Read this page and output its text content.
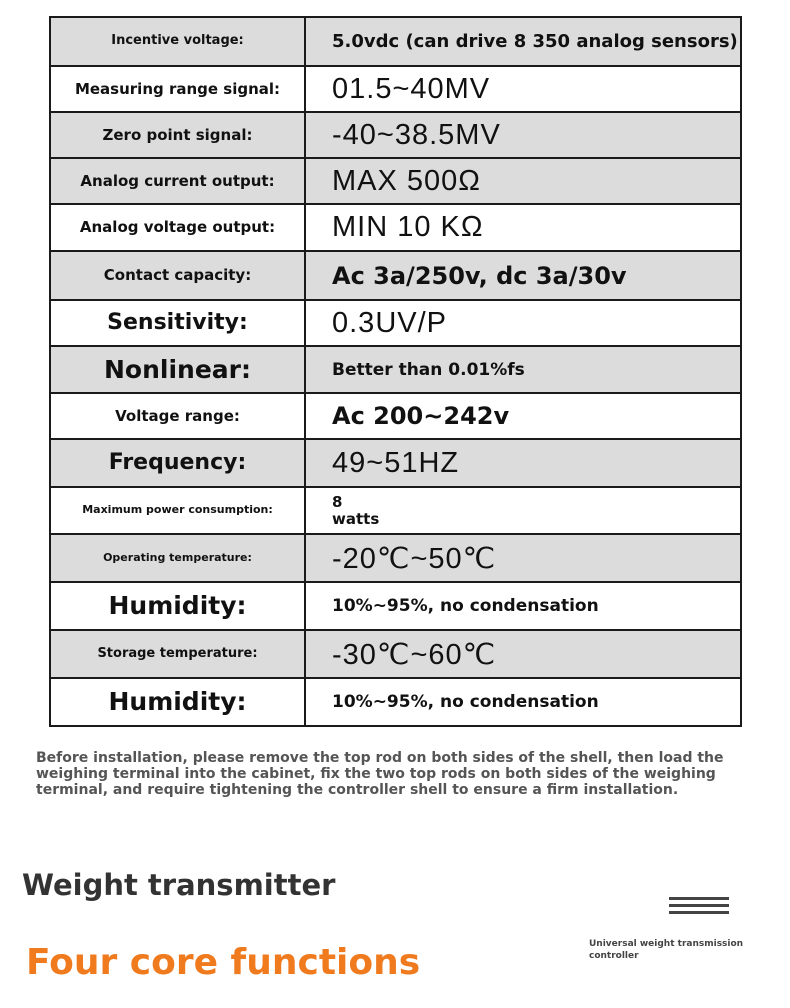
Incentive voltage:	5.0vdc (can drive 8 350 analog sensors)
Measuring range signal:	01.5~40MV
Zero point signal:	-40~38.5MV
Analog current output:	MAX 500Ω
Analog voltage output:	MIN 10 KΩ
Contact capacity:	Ac 3a/250v, dc 3a/30v
Sensitivity:	0.3UV/P
Nonlinear:	Better than 0.01%fs
Voltage range:	Ac 200~242v
Frequency:	49~51HZ
Maximum power consumption:	8
watts

Operating temperature:	-20℃~50℃
Humidity:	10%~95%, no condensation
Storage temperature:	-30℃~60℃
Humidity:	10%~95%, no condensation

Before installation, please remove the top rod on both sides of the shell, then load the weighing terminal into the cabinet, fix the two top rods on both sides of the weighing terminal, and require tightening the controller shell to ensure a firm installation.

Weight transmitter
Universal weight transmission controller
Four core functions
